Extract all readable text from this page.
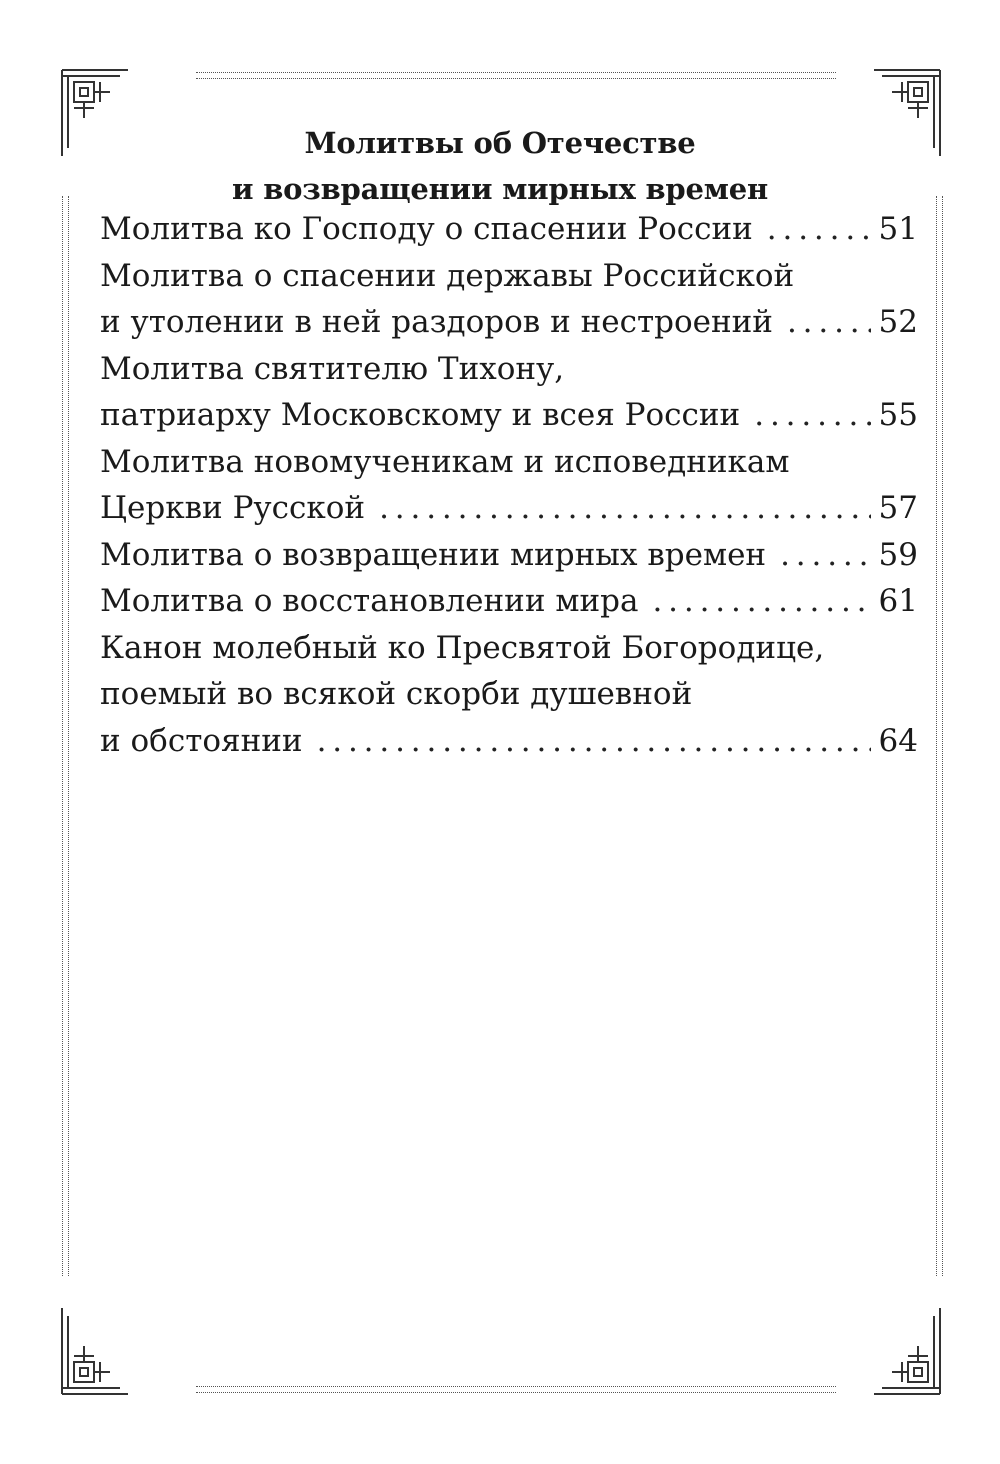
Молитвы об Отечестве
и возвращении мирных времен
Молитва ко Господу о спасении России . . .	51
Молитва о спасении державы Российской
и утолении в ней раздоров и нестроений . . .	52
Молитва святителю Тихону,
патриарху Московскому и всея России . . .	55
Молитва новомученикам и исповедникам
Церкви Русской . . .	57
Молитва о возвращении мирных времен . . .	59
Молитва о восстановлении мира . . .	61
Канон молебный ко Пресвятой Богородице,
поемый во всякой скорби душевной
и обстоянии . . .	64
